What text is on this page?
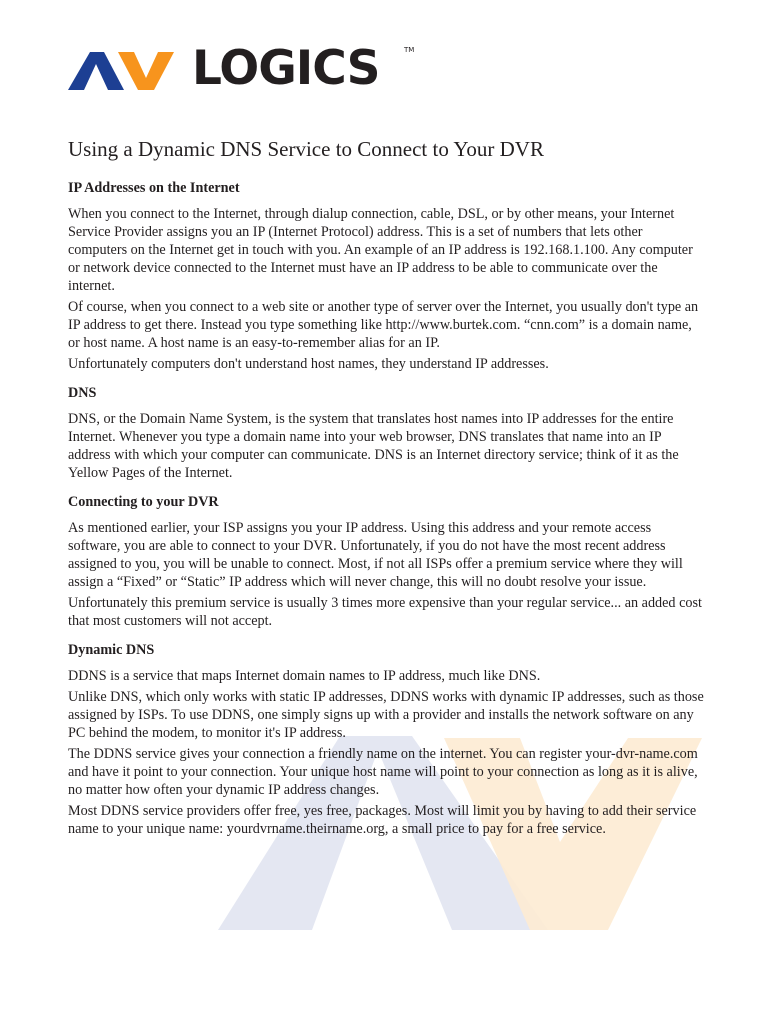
LOGICS	TM
Using a Dynamic DNS Service to Connect to Your DVR
IP Addresses on the Internet

When you connect to the Internet, through dialup connection, cable, DSL, or by other means, your Internet Service Provider assigns you an IP (Internet Protocol) address. This is a set of numbers that lets other computers on the Internet get in touch with you. An example of an IP address is 192.168.1.100. Any computer or network device connected to the Internet must have an IP address to be able to communicate over the internet.

Of course, when you connect to a web site or another type of server over the Internet, you usually don't type an IP address to get there. Instead you type something like http://www.burtek.com. “cnn.com” is a domain name, or host name. A host name is an easy-to-remember alias for an IP.

Unfortunately computers don't understand host names, they understand IP addresses.

DNS

DNS, or the Domain Name System, is the system that translates host names into IP addresses for the entire Internet. Whenever you type a domain name into your web browser, DNS translates that name into an IP address with which your computer can communicate. DNS is an Internet directory service; think of it as the Yellow Pages of the Internet.

Connecting to your DVR

As mentioned earlier, your ISP assigns you your IP address. Using this address and your remote access software, you are able to connect to your DVR. Unfortunately, if you do not have the most recent address assigned to you, you will be unable to connect. Most, if not all ISPs offer a premium service where they will assign a “Fixed” or “Static” IP address which will never change, this will no doubt resolve your issue.

Unfortunately this premium service is usually 3 times more expensive than your regular service... an added cost that most customers will not accept.

Dynamic DNS

DDNS is a service that maps Internet domain names to IP address, much like DNS.

Unlike DNS, which only works with static IP addresses, DDNS works with dynamic IP addresses, such as those assigned by ISPs. To use DDNS, one simply signs up with a provider and installs the network software on any PC behind the modem, to monitor it's IP address.

The DDNS service gives your connection a friendly name on the internet. You can register your-dvr-name.com and have it point to your connection. Your unique host name will point to your connection as long as it is alive, no matter how often your dynamic IP address changes.

Most DDNS service providers offer free, yes free, packages. Most will limit you by having to add their service name to your unique name: yourdvrname.theirname.org, a small price to pay for a free service.
